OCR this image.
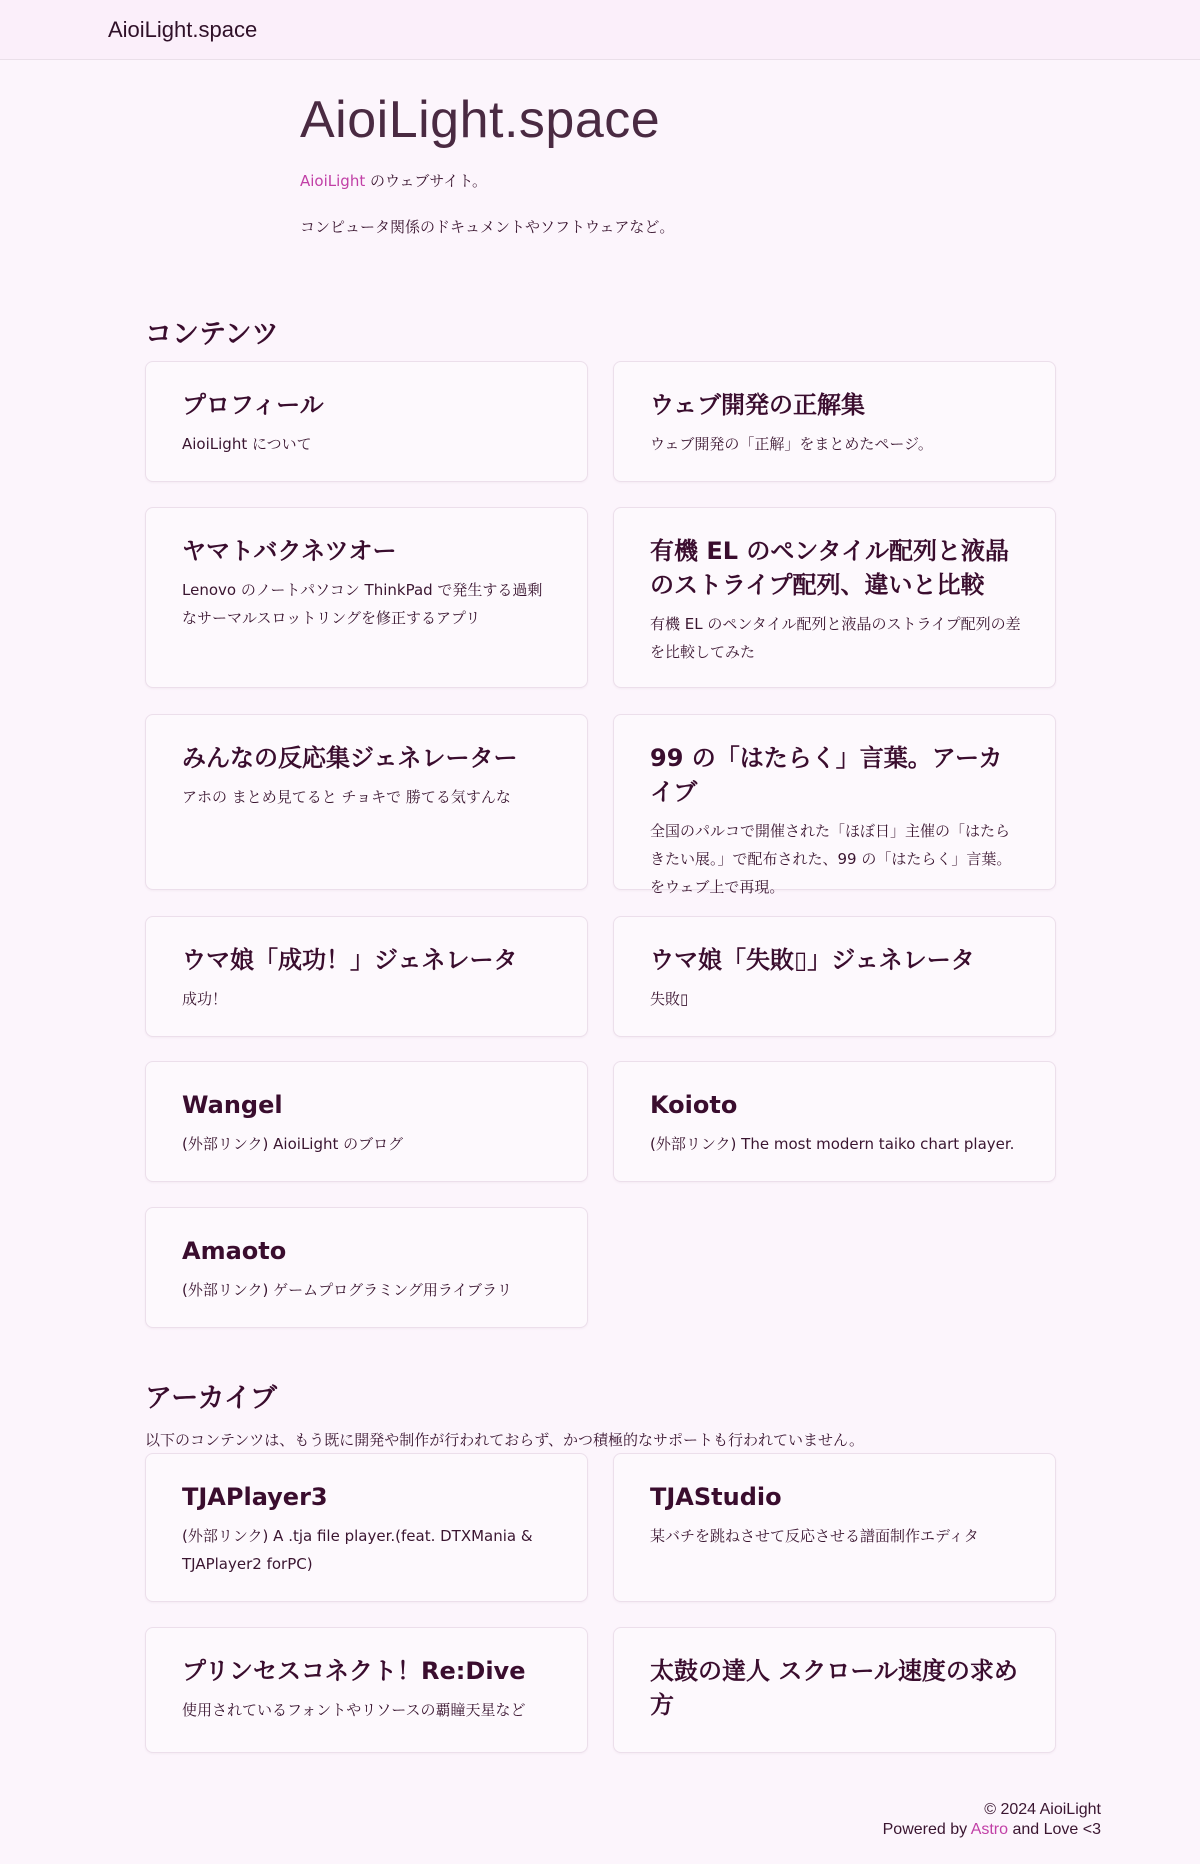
AioiLight.space
AioiLight.space

AioiLight のウェブサイト。

コンピュータ関係のドキュメントやソフトウェアなど。

コンテンツ
プロフィール

AioiLight について

ウェブ開発の正解集

ウェブ開発の「正解」をまとめたページ。

ヤマトバクネツオー

Lenovo のノートパソコン ThinkPad で発生する過剰なサーマルスロットリングを修正するアプリ

有機 EL のペンタイル配列と液晶のストライプ配列、違いと比較

有機 EL のペンタイル配列と液晶のストライプ配列の差を比較してみた

みんなの反応集ジェネレーター

アホの まとめ見てると チョキで 勝てる気すんな

99 の「はたらく」言葉。アーカイブ

全国のパルコで開催された「ほぼ日」主催の「はたらきたい展。」で配布された、99 の「はたらく」言葉。をウェブ上で再現。

ウマ娘「成功！」ジェネレータ

成功！

ウマ娘「失敗▯」ジェネレータ

失敗▯

Wangel

(外部リンク) AioiLight のブログ

Koioto

(外部リンク) The most modern taiko chart player.

Amaoto

(外部リンク) ゲームプログラミング用ライブラリ

アーカイブ

以下のコンテンツは、もう既に開発や制作が行われておらず、かつ積極的なサポートも行われていません。

TJAPlayer3

(外部リンク) A .tja file player.(feat. DTXMania & TJAPlayer2 forPC)

TJAStudio

某バチを跳ねさせて反応させる譜面制作エディタ

プリンセスコネクト！Re:Dive

使用されているフォントやリソースの覇瞳天星など

太鼓の達人 スクロール速度の求め方
© 2024 AioiLight
Powered by Astro and Love <3
